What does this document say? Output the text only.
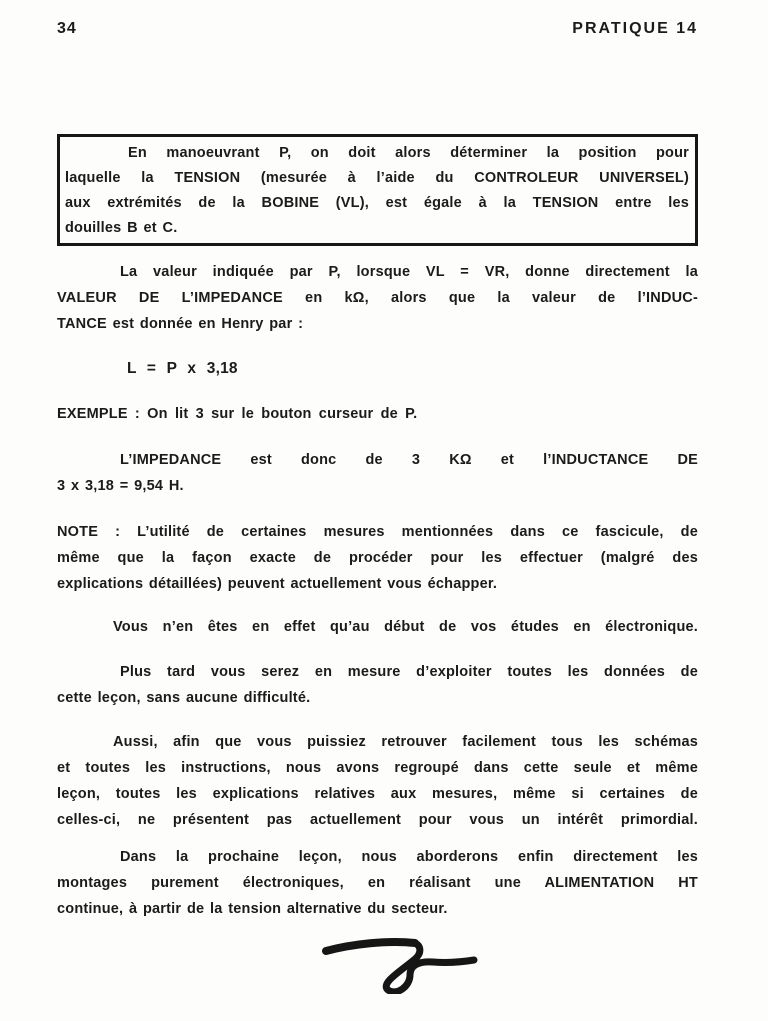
34	PRATIQUE 14
En manoeuvrant P, on doit alors déterminer la position pour
laquelle la TENSION (mesurée à l’aide du CONTROLEUR UNIVERSEL)
aux extrémités de la BOBINE (VL), est égale à la TENSION entre les
douilles B et C.
La valeur indiquée par P, lorsque VL = VR, donne directement la
VALEUR DE L’IMPEDANCE en kΩ, alors que la valeur de l’INDUC-
TANCE est donnée en Henry par :
L = P x 3,18
EXEMPLE : On lit 3 sur le bouton curseur de P.
L’IMPEDANCE est donc de 3 KΩ et l’INDUCTANCE DE
3 x 3,18 = 9,54 H.
NOTE : L’utilité de certaines mesures mentionnées dans ce fascicule, de
même que la façon exacte de procéder pour les effectuer (malgré des
explications détaillées) peuvent actuellement vous échapper.
Vous n’en êtes en effet qu’au début de vos études en électronique.
Plus tard vous serez en mesure d’exploiter toutes les données de
cette leçon, sans aucune difficulté.
Aussi, afin que vous puissiez retrouver facilement tous les schémas
et toutes les instructions, nous avons regroupé dans cette seule et même
leçon, toutes les explications relatives aux mesures, même si certaines de
celles-ci, ne présentent pas actuellement pour vous un intérêt primordial.
Dans la prochaine leçon, nous aborderons enfin directement les
montages purement électroniques, en réalisant une ALIMENTATION HT
continue, à partir de la tension alternative du secteur.
